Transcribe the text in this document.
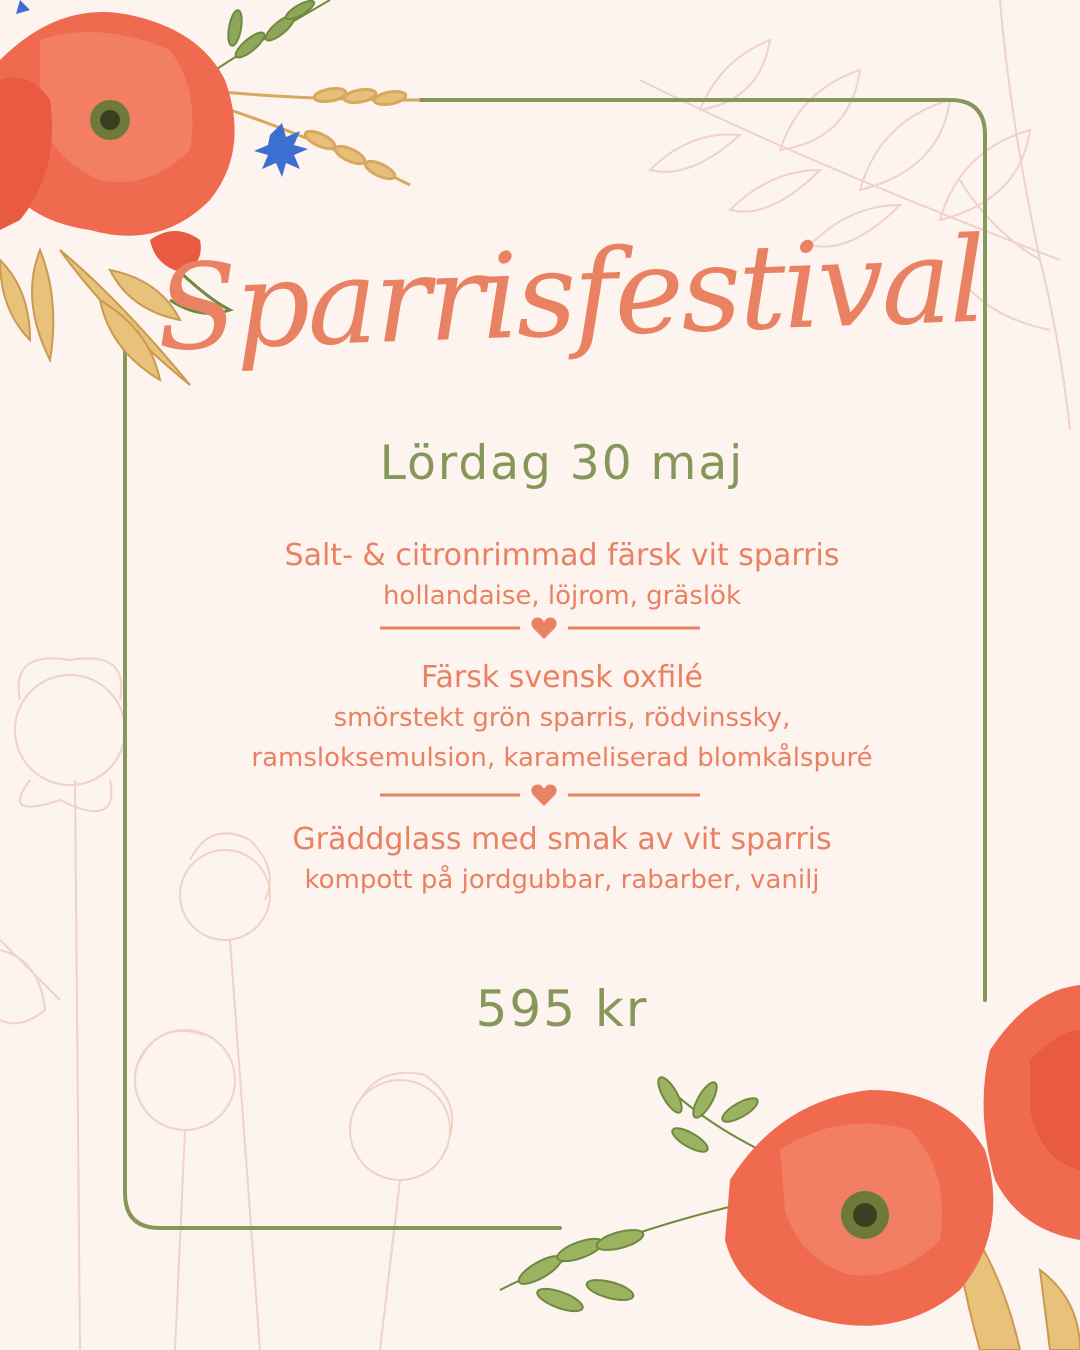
Sparrisfestival
Lördag 30 maj
Salt- & citronrimmad färsk vit sparris
hollandaise, löjrom, gräslök
Färsk svensk oxfilé
smörstekt grön sparris, rödvinssky,
ramsloksemulsion, karameliserad blomkålspuré
Gräddglass med smak av vit sparris
kompott på jordgubbar, rabarber, vanilj
595 kr
